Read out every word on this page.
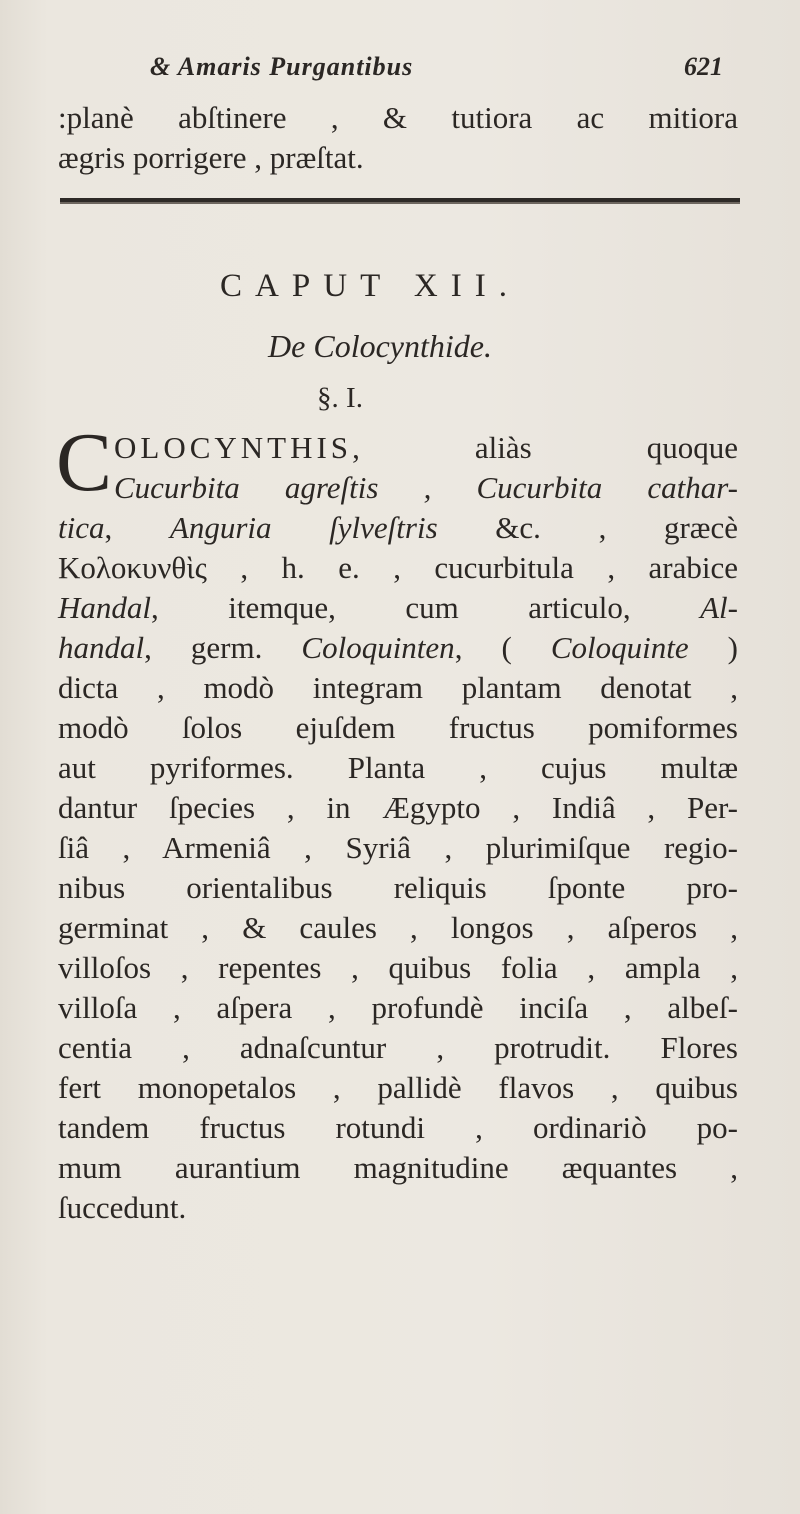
& Amaris Purgantibus	621
:planè abſtinere , & tutiora ac mitiora
ægris porrigere , præſtat.
CAPUT XII.
De Colocynthide.
§. I.
C OLOCYNTHIS, aliàs quoque
Cucurbita agreſtis , Cucurbita cathar-
tica, Anguria ſylveſtris &c. , græcè
Κολοκυνθὶς , h. e. , cucurbitula , arabice
Handal, itemque, cum articulo, Al-
handal, germ. Coloquinten, ( Coloquinte )
dicta , modò integram plantam denotat ,
modò ſolos ejuſdem fructus pomiformes
aut pyriformes. Planta , cujus multæ
dantur ſpecies , in Ægypto , Indiâ , Per-
ſiâ , Armeniâ , Syriâ , plurimiſque regio-
nibus orientalibus reliquis ſponte pro-
germinat , & caules , longos , aſperos ,
villoſos , repentes , quibus folia , ampla ,
villoſa , aſpera , profundè inciſa , albeſ-
centia , adnaſcuntur , protrudit. Flores
fert monopetalos , pallidè flavos , quibus
tandem fructus rotundi , ordinariò po-
mum aurantium magnitudine æquantes ,
ſuccedunt.
